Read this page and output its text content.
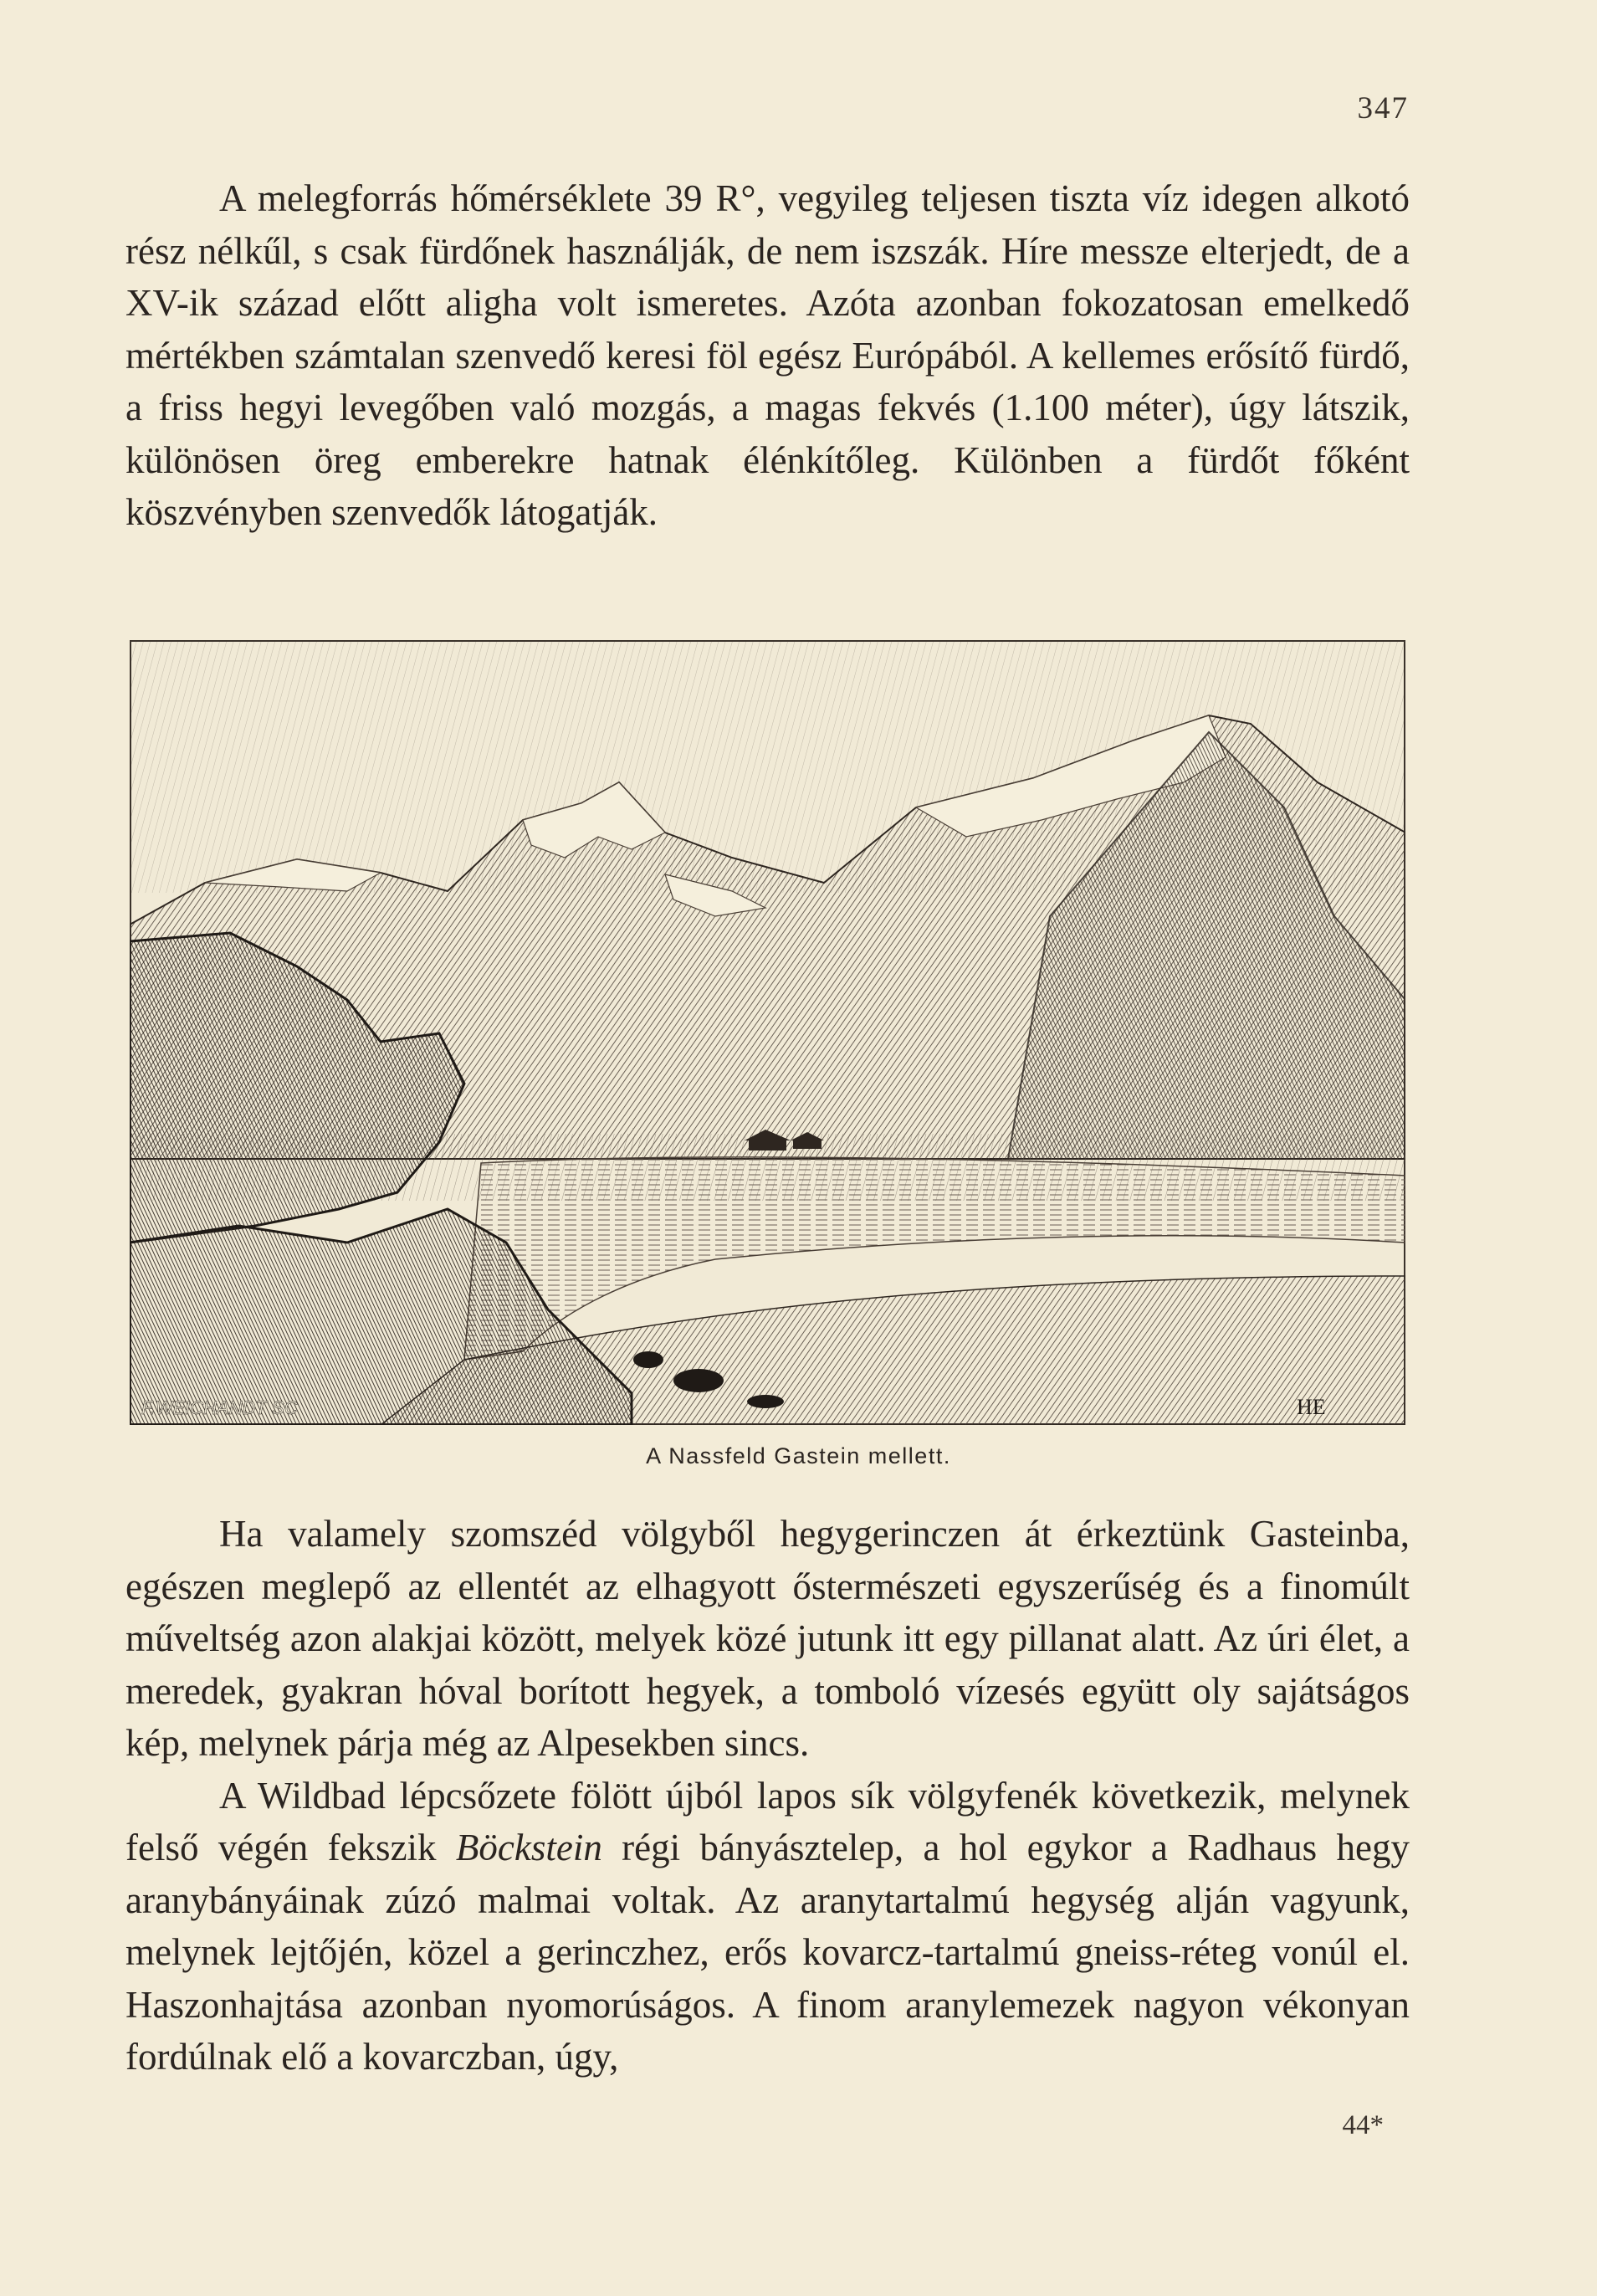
347

A melegforrás hőmérséklete 39 R°, vegyileg teljesen tiszta víz idegen alkotó rész nélkűl, s csak fürdőnek használják, de nem iszszák. Híre messze elterjedt, de a XV-ik század előtt aligha volt ismeretes. Azóta azonban fokozatosan emelkedő mértékben számtalan szenvedő keresi föl egész Európából. A kellemes erősítő fürdő, a friss hegyi levegőben való mozgás, a magas fekvés (1.100 méter), úgy látszik, különösen öreg emberekre hatnak élénkítőleg. Különben a fürdőt főként köszvényben szenvedők látogatják.

F.WEICHANDT SC	HE
A Nassfeld Gastein mellett.

Ha valamely szomszéd völgyből hegygerinczen át érkeztünk Gasteinba, egészen meglepő az ellentét az elhagyott őstermészeti egyszerűség és a finomúlt műveltség azon alakjai között, melyek közé jutunk itt egy pillanat alatt. Az úri élet, a meredek, gyakran hóval borított hegyek, a tomboló vízesés együtt oly sajátságos kép, melynek párja még az Alpesekben sincs.
A Wildbad lépcsőzete fölött újból lapos sík völgyfenék következik, melynek felső végén fekszik Böckstein régi bányásztelep, a hol egykor a Radhaus hegy aranybányáinak zúzó malmai voltak. Az aranytartalmú hegység alján vagyunk, melynek lejtőjén, közel a gerinczhez, erős kovarcz-tartalmú gneiss-réteg vonúl el. Haszonhajtása azonban nyomorúságos. A finom aranylemezek nagyon vékonyan fordúlnak elő a kovarczban, úgy,

44*
